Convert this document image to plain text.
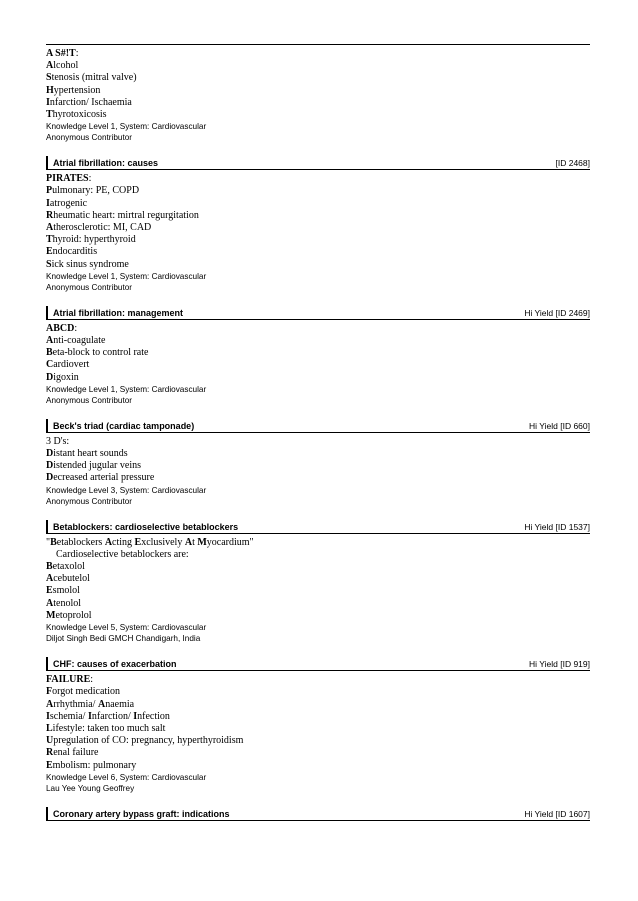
A S#!T:
Alcohol
Stenosis (mitral valve)
Hypertension
Infarction/ Ischaemia
Thyrotoxicosis
Knowledge Level 1, System: Cardiovascular
Anonymous Contributor
Atrial fibrillation: causes	[ID 2468]
PIRATES:
Pulmonary: PE, COPD
Iatrogenic
Rheumatic heart: mirtral regurgitation
Atherosclerotic: MI, CAD
Thyroid: hyperthyroid
Endocarditis
Sick sinus syndrome
Knowledge Level 1, System: Cardiovascular
Anonymous Contributor
Atrial fibrillation: management	Hi Yield [ID 2469]
ABCD:
Anti-coagulate
Beta-block to control rate
Cardiovert
Digoxin
Knowledge Level 1, System: Cardiovascular
Anonymous Contributor
Beck's triad (cardiac tamponade)	Hi Yield [ID 660]
3 D's:
Distant heart sounds
Distended jugular veins
Decreased arterial pressure
Knowledge Level 3, System: Cardiovascular
Anonymous Contributor
Betablockers: cardioselective betablockers	Hi Yield [ID 1537]
"Betablockers Acting Exclusively At Myocardium"
Cardioselective betablockers are:
Betaxolol
Acebutelol
Esmolol
Atenolol
Metoprolol
Knowledge Level 5, System: Cardiovascular
Diljot Singh Bedi GMCH Chandigarh, India
CHF: causes of exacerbation	Hi Yield [ID 919]
FAILURE:
Forgot medication
Arrhythmia/ Anaemia
Ischemia/ Infarction/ Infection
Lifestyle: taken too much salt
Upregulation of CO: pregnancy, hyperthyroidism
Renal failure
Embolism: pulmonary
Knowledge Level 6, System: Cardiovascular
Lau Yee Young Geoffrey
Coronary artery bypass graft: indications	Hi Yield [ID 1607]
